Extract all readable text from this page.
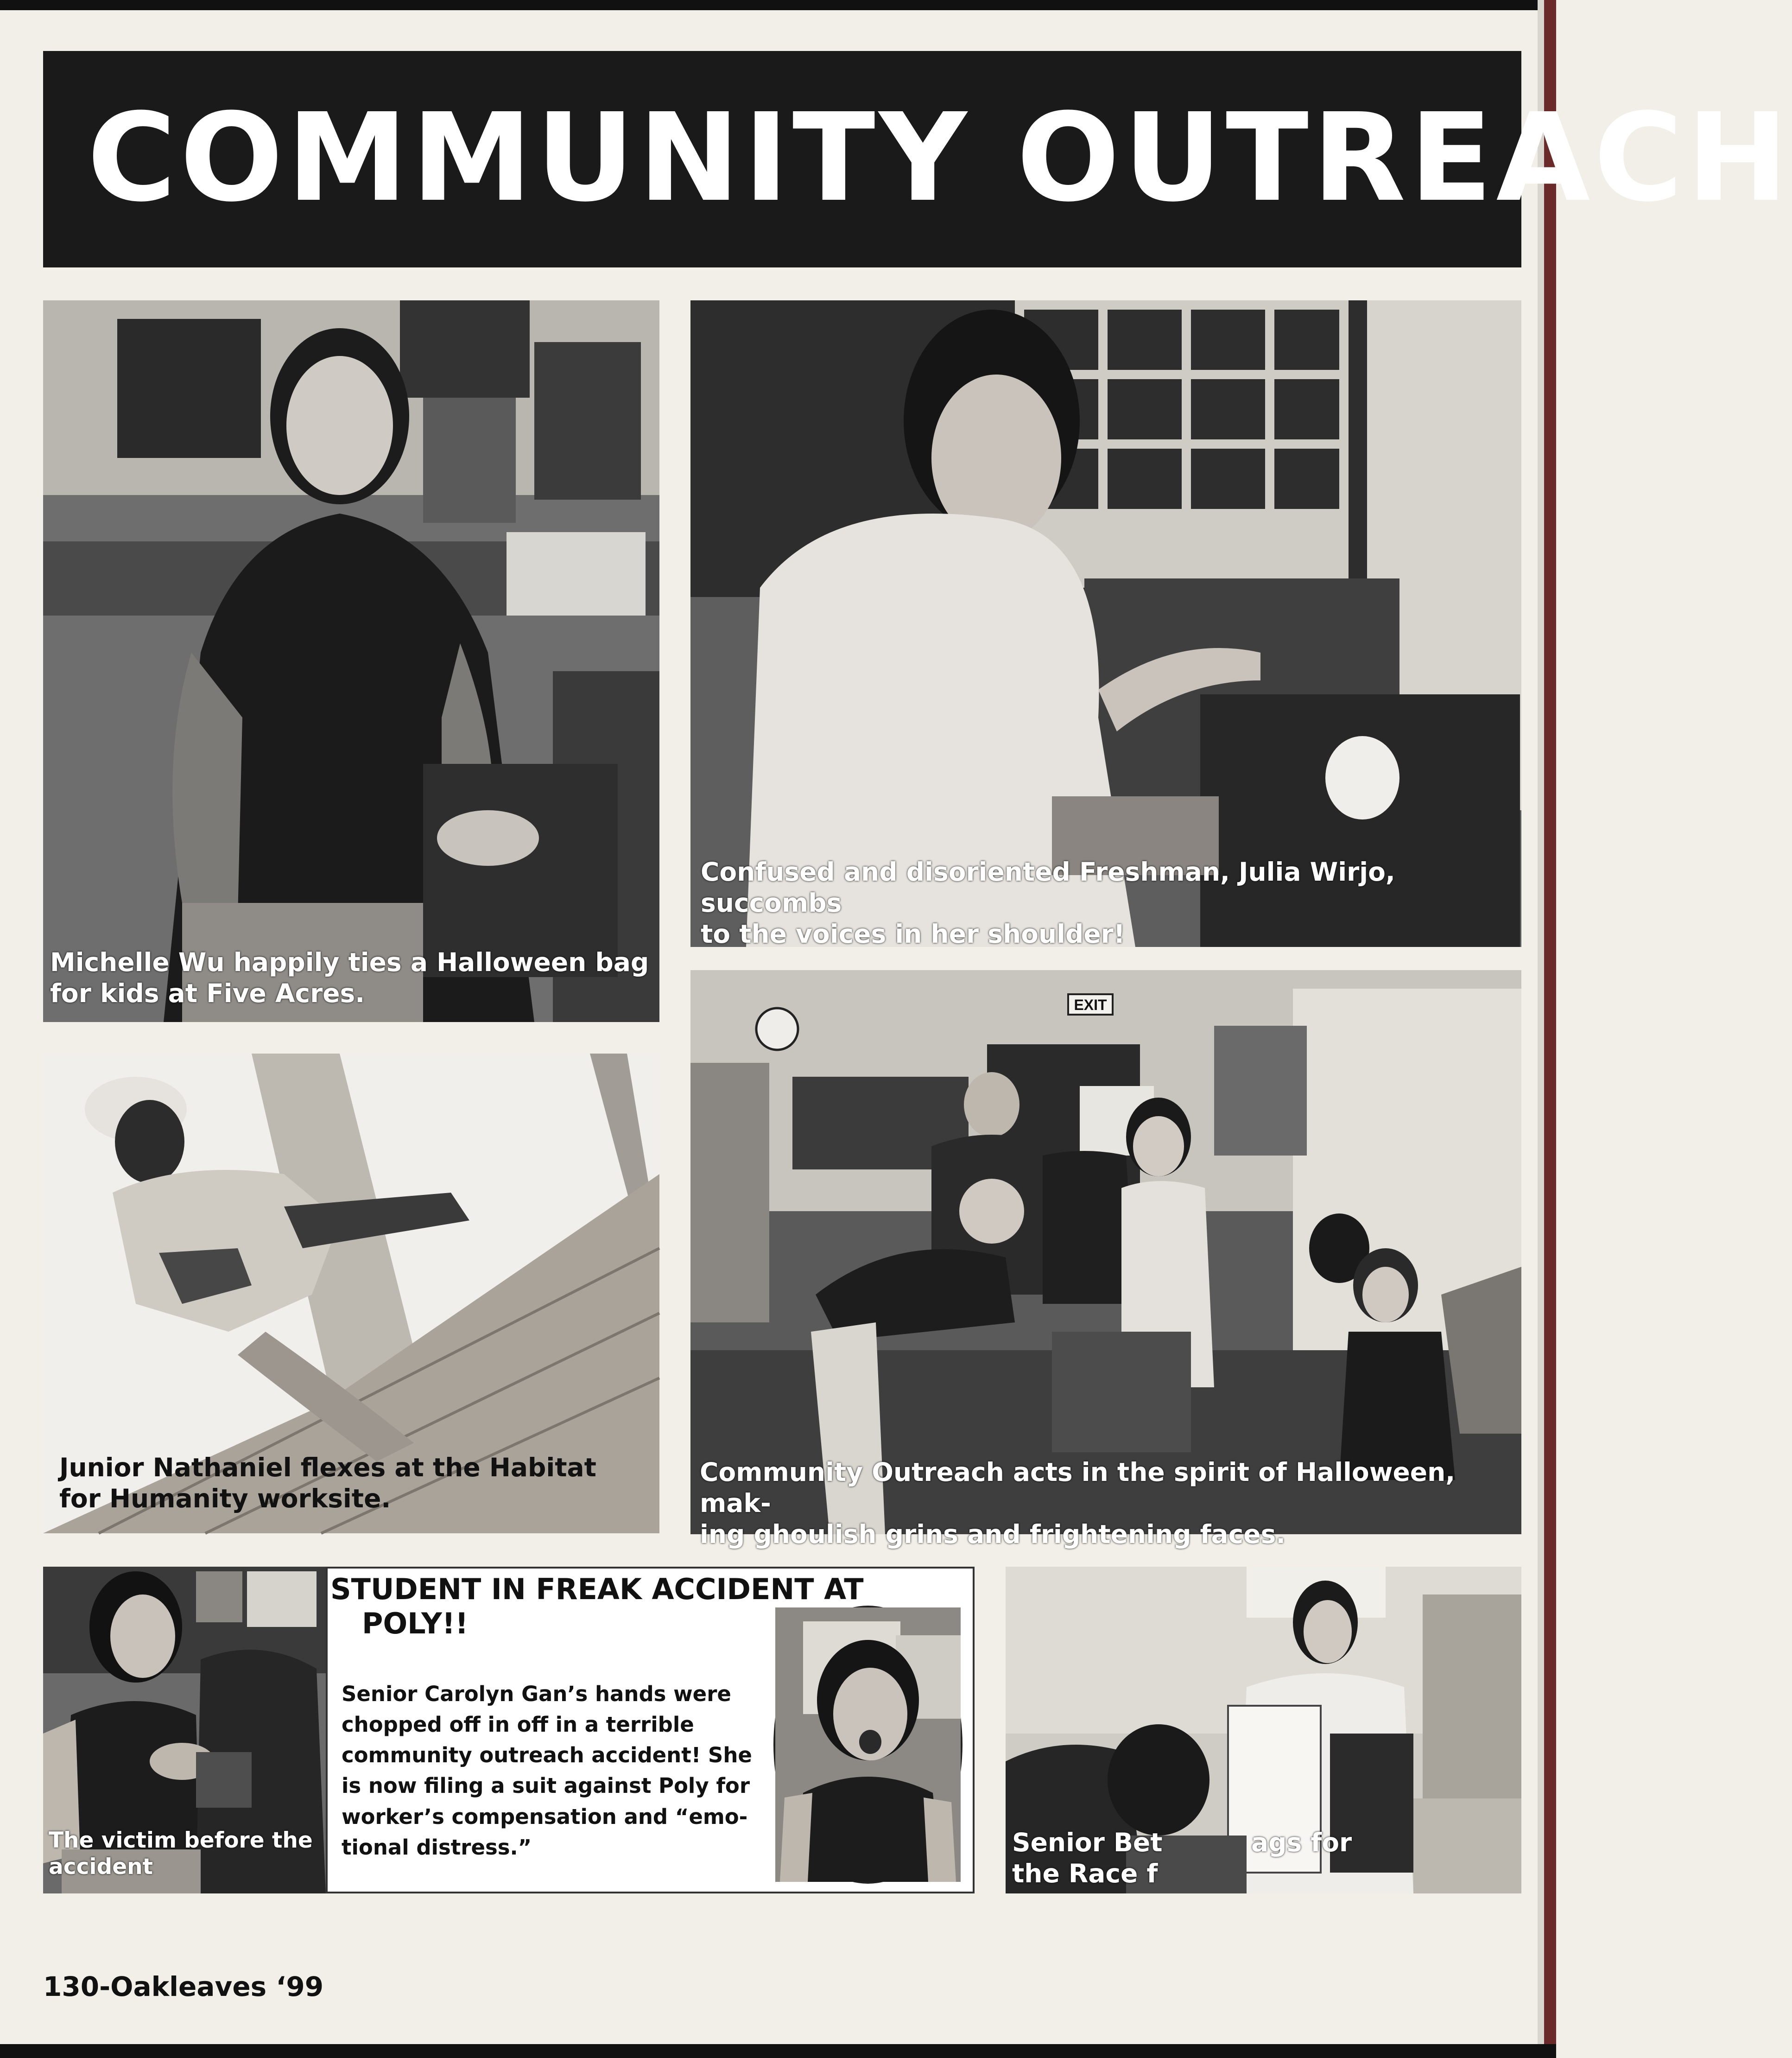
COMMUNITY OUTREACH

Michelle Wu happily ties a Halloween bag
for kids at Five Acres.

Confused and disoriented Freshman, Julia Wirjo, succombs
to the voices in her shoulder!

Junior Nathaniel flexes at the Habitat
for Humanity worksite.

EXIT

Community Outreach acts in the spirit of Halloween, mak-
ing ghoulish grins and frightening faces.

The victim before the
accident

STUDENT IN FREAK ACCIDENT AT
POLY!!

Senior Carolyn Gan’s hands were
chopped off in off in a terrible
community outreach accident! She
is now filing a suit against Poly for
worker’s compensation and “emo-
tional distress.”	Senior Bet          ags for
the Race f

130-Oakleaves ‘99
